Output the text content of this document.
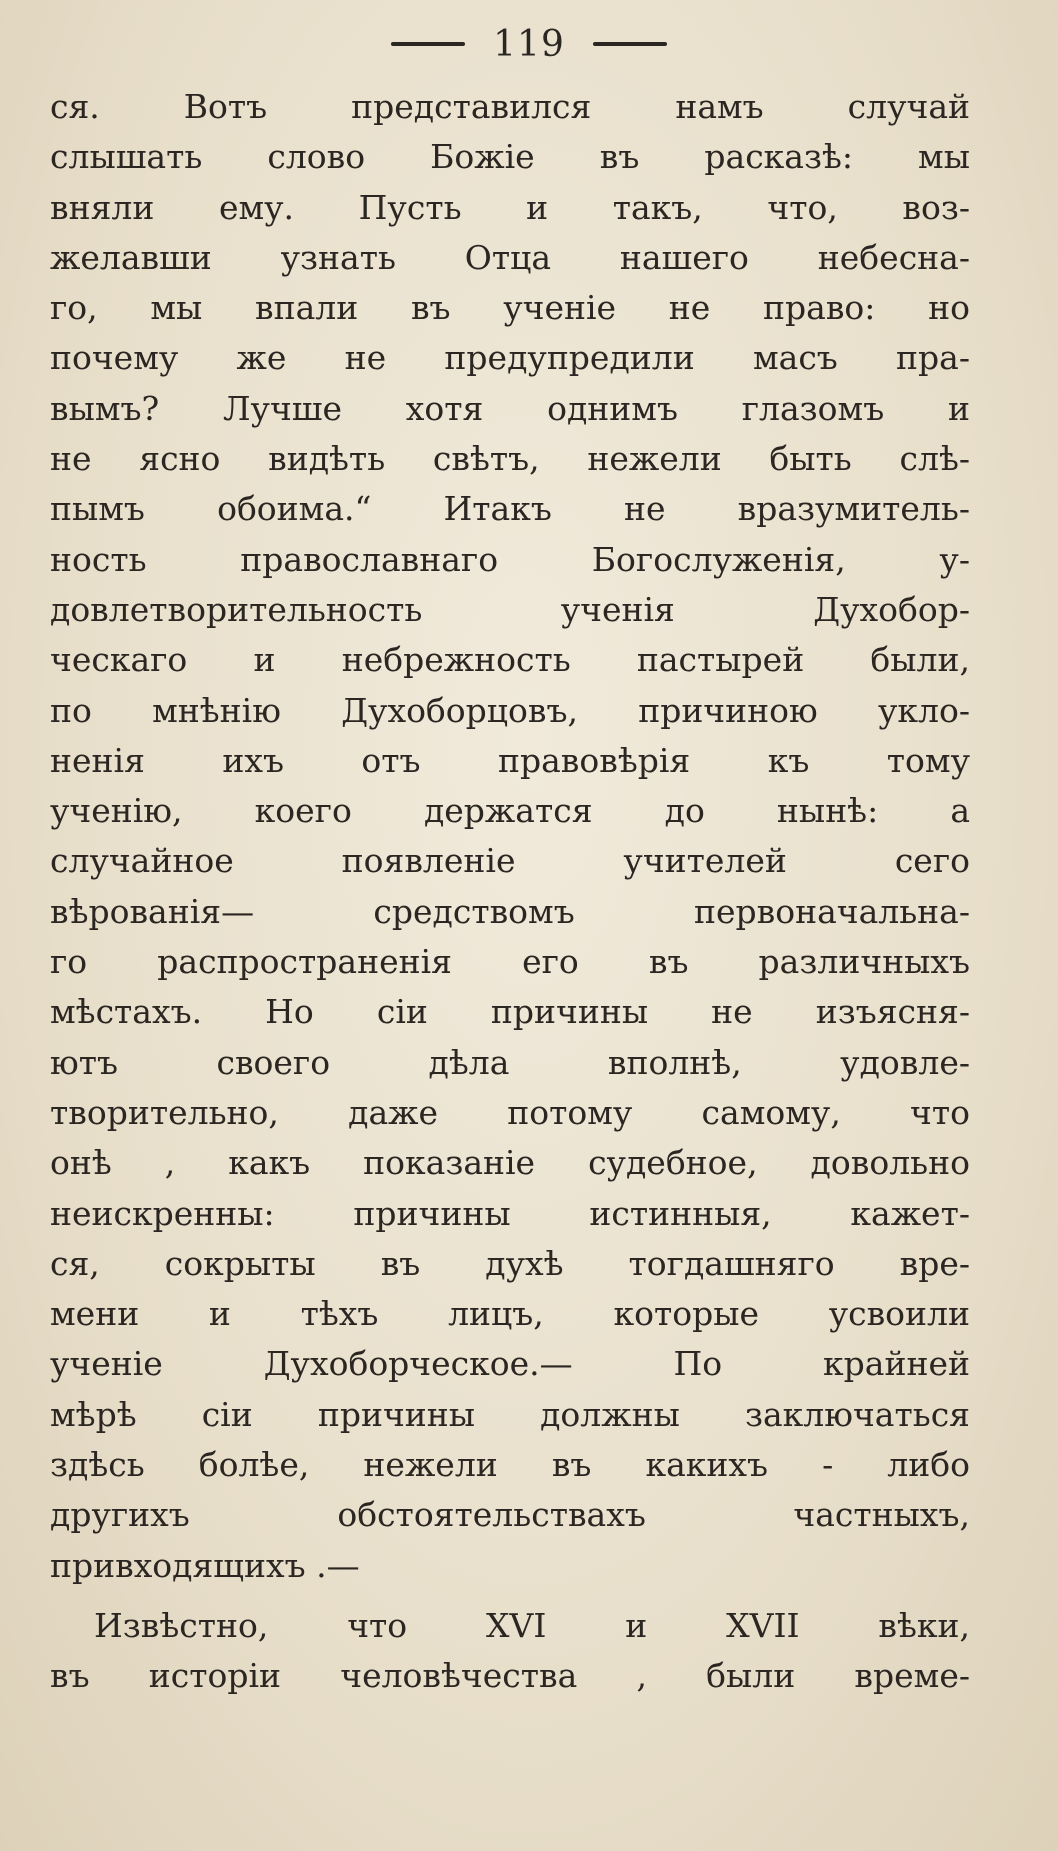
119
ся. Вотъ представился намъ случай
слышать слово Божіе въ расказѣ: мы
вняли ему. Пусть и такъ, что, воз-
желавши узнать Отца нашего небесна-
го, мы впали въ ученіе не право: но
почему же не предупредили масъ пра-
вымъ? Лучше хотя однимъ глазомъ и
не ясно видѣть свѣтъ, нежели быть слѣ-
пымъ обоима.“ Итакъ не вразумитель-
ность православнаго Богослуженія, у-
довлетворительность ученія Духобор-
ческаго и небрежность пастырей были,
по мнѣнію Духоборцовъ, причиною укло-
ненія ихъ отъ правовѣрія къ тому
ученію, коего держатся до нынѣ: а
случайное появленіе учителей сего
вѣрованія— средствомъ первоначальна-
го распространенія его въ различныхъ
мѣстахъ. Но сіи причины не изъясня-
ютъ своего дѣла вполнѣ, удовле-
творительно, даже потому самому, что
онѣ , какъ показаніе судебное, довольно
неискренны: причины истинныя, кажет-
ся, сокрыты въ духѣ тогдашняго вре-
мени и тѣхъ лицъ, которые усвоили
ученіе Духоборческое.— По крайней
мѣрѣ сіи причины должны заключаться
здѣсь болѣе, нежели въ какихъ - либо
другихъ обстоятельствахъ частныхъ,
привходящихъ .—
Извѣстно, что XVI и XVII вѣки,
въ исторіи человѣчества , были време-
